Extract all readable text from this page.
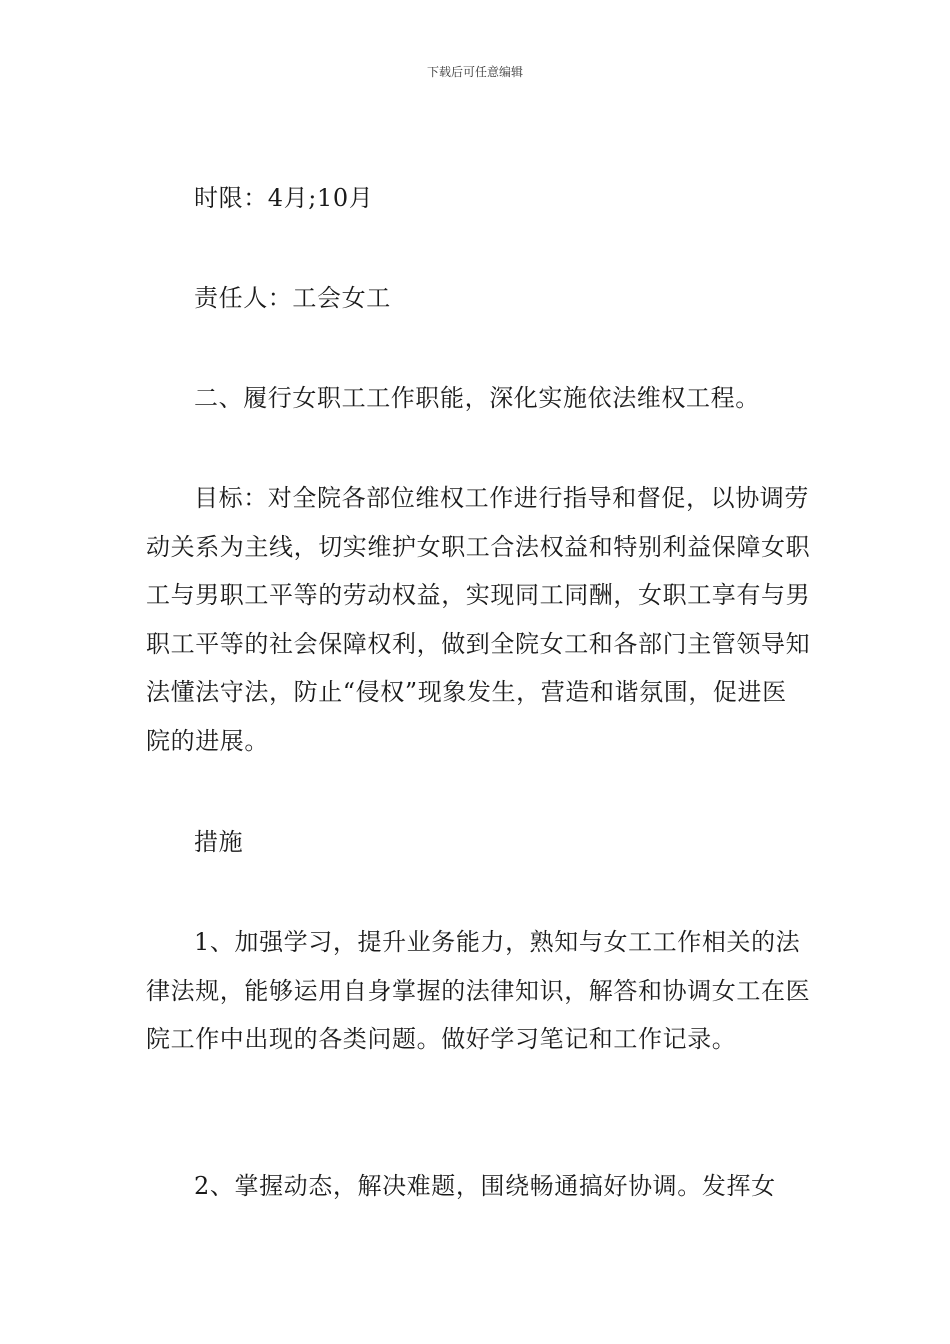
下载后可任意编辑

时限：4月;10月

责任人：工会女工

二、履行女职工工作职能，深化实施依法维权工程。

目标：对全院各部位维权工作进行指导和督促，以协调劳动关系为主线，切实维护女职工合法权益和特别利益保障女职工与男职工平等的劳动权益，实现同工同酬，女职工享有与男职工平等的社会保障权利，做到全院女工和各部门主管领导知法懂法守法，防止“侵权”现象发生，营造和谐氛围，促进医院的进展。

措施

1、加强学习，提升业务能力，熟知与女工工作相关的法律法规，能够运用自身掌握的法律知识，解答和协调女工在医院工作中出现的各类问题。做好学习笔记和工作记录。

2、掌握动态，解决难题，围绕畅通搞好协调。发挥女
